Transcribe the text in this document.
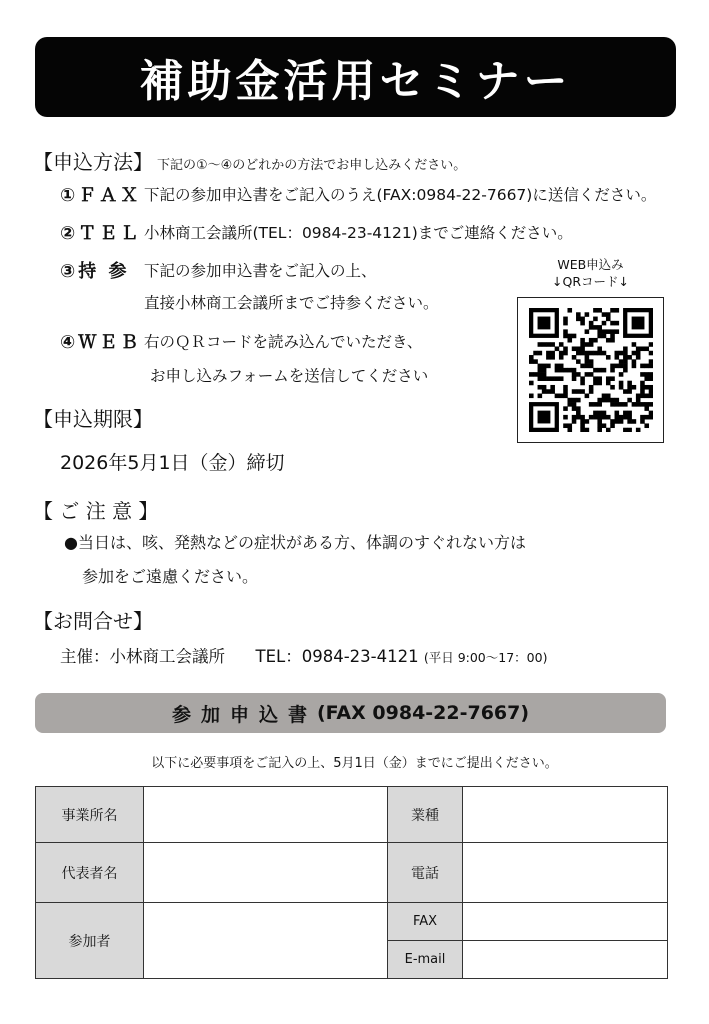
補助金活用セミナー
【申込方法】 下記の①～④のどれかの方法でお申し込みください。
①ＦＡＸ 下記の参加申込書をご記入のうえ(FAX:0984-22-7667)に送信ください。
②ＴＥＬ 小林商工会議所(TEL：0984-23-4121)までご連絡ください。
③持 参 下記の参加申込書をご記入の上、
直接小林商工会議所までご持参ください。
④ＷＥＢ 右のＱＲコードを読み込んでいただき、
お申し込みフォームを送信してください
WEB申込み
↓QRコード↓
【申込期限】
2026年5月1日（金）締切
【 ご 注 意 】
●当日は、咳、発熱などの症状がある方、体調のすぐれない方は
参加をご遠慮ください。
【お問合せ】
主催：小林商工会議所 TEL：0984-23-4121 (平日 9:00～17：00)
参加申込書 (FAX 0984-22-7667)
以下に必要事項をご記入の上、5月1日（金）までにご提出ください。
事業所名		業種	
代表者名		電話	
参加者		FAX	
		E-mail	
